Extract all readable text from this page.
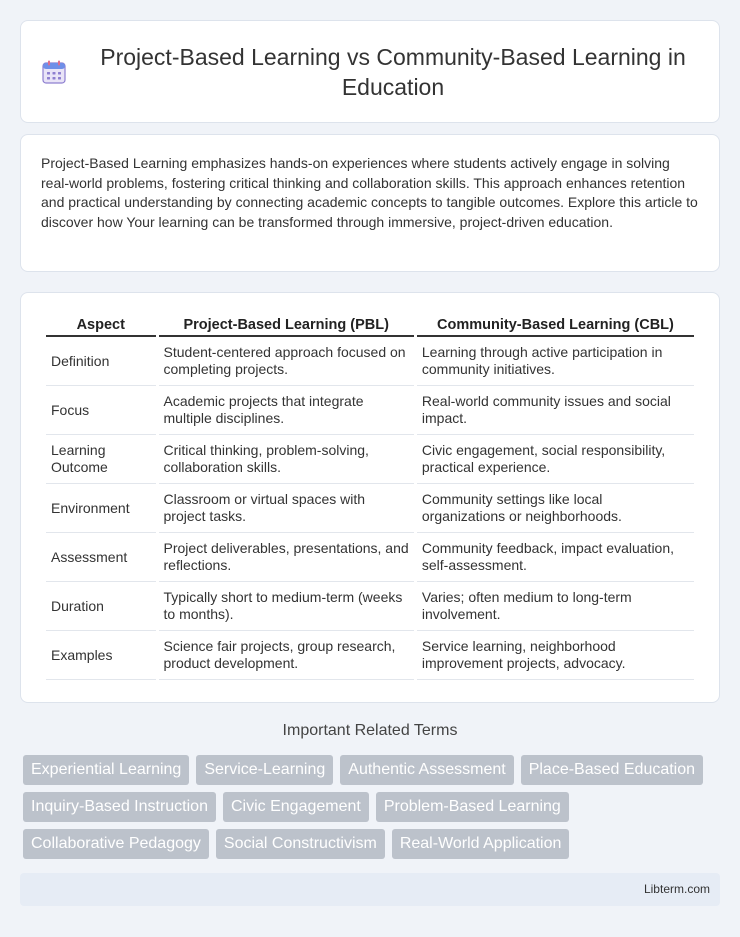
Project-Based Learning vs Community-Based Learning in Education

Project-Based Learning emphasizes hands-on experiences where students actively engage in solving real-world problems, fostering critical thinking and collaboration skills. This approach enhances retention and practical understanding by connecting academic concepts to tangible outcomes. Explore this article to discover how Your learning can be transformed through immersive, project-driven education.

Aspect	Project-Based Learning (PBL)	Community-Based Learning (CBL)
Definition	Student-centered approach focused on completing projects.	Learning through active participation in community initiatives.
Focus	Academic projects that integrate multiple disciplines.	Real-world community issues and social impact.
Learning Outcome	Critical thinking, problem-solving, collaboration skills.	Civic engagement, social responsibility, practical experience.
Environment	Classroom or virtual spaces with project tasks.	Community settings like local organizations or neighborhoods.
Assessment	Project deliverables, presentations, and reflections.	Community feedback, impact evaluation, self-assessment.
Duration	Typically short to medium-term (weeks to months).	Varies; often medium to long-term involvement.
Examples	Science fair projects, group research, product development.	Service learning, neighborhood improvement projects, advocacy.
Important Related Terms
Experiential Learning	Service-Learning	Authentic Assessment	Place-Based Education
Inquiry-Based Instruction	Civic Engagement	Problem-Based Learning
Collaborative Pedagogy	Social Constructivism	Real-World Application
Libterm.com
